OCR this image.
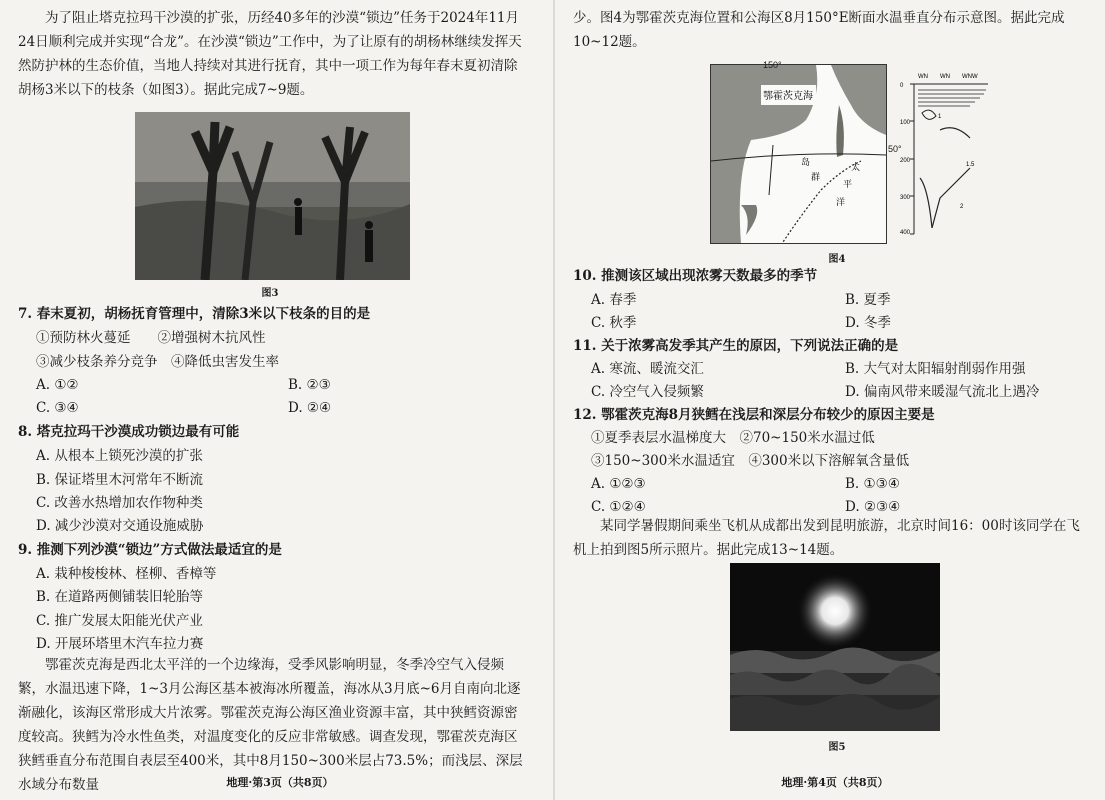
为了阻止塔克拉玛干沙漠的扩张，历经40多年的沙漠“锁边”任务于2024年11月24日顺利完成并实现“合龙”。在沙漠“锁边”工作中，为了让原有的胡杨林继续发挥天然防护林的生态价值，当地人持续对其进行抚育，其中一项工作为每年春末夏初清除胡杨3米以下的枝条（如图3）。据此完成7~9题。

图3

7. 春末夏初，胡杨抚育管理中，清除3米以下枝条的目的是

①预防林火蔓延　　②增强树木抗风性

③减少枝条养分竞争　④降低虫害发生率

A. ①②	B. ②③

C. ③④	D. ②④

8. 塔克拉玛干沙漠成功锁边最有可能

A. 从根本上锁死沙漠的扩张

B. 保证塔里木河常年不断流

C. 改善水热增加农作物种类

D. 减少沙漠对交通设施威胁

9. 推测下列沙漠“锁边”方式做法最适宜的是

A. 栽种梭梭林、柽柳、香樟等

B. 在道路两侧铺装旧轮胎等

C. 推广发展太阳能光伏产业

D. 开展环塔里木汽车拉力赛

鄂霍茨克海是西北太平洋的一个边缘海，受季风影响明显，冬季冷空气入侵频繁，水温迅速下降，1~3月公海区基本被海冰所覆盖，海冰从3月底~6月自南向北逐渐融化，该海区常形成大片浓雾。鄂霍茨克海公海区渔业资源丰富，其中狭鳕资源密度较高。狭鳕为冷水性鱼类，对温度变化的反应非常敏感。调查发现，鄂霍茨克海区狭鳕垂直分布范围自表层至400米，其中8月150~300米层占73.5%；而浅层、深层水域分布数量	地理·第3页（共8页）

少。图4为鄂霍茨克海位置和公海区8月150°E断面水温垂直分布示意图。据此完成10~12题。

鄂霍茨克海
岛
群
太
平
洋
150°
50°
0
100
200
300
400
WN WN WNW
1
2
1.5
图4

10. 推测该区域出现浓雾天数最多的季节

A. 春季	B. 夏季

C. 秋季	D. 冬季

11. 关于浓雾高发季其产生的原因，下列说法正确的是

A. 寒流、暖流交汇	B. 大气对太阳辐射削弱作用强

C. 冷空气入侵频繁	D. 偏南风带来暖湿气流北上遇冷

12. 鄂霍茨克海8月狭鳕在浅层和深层分布较少的原因主要是

①夏季表层水温梯度大　②70~150米水温过低

③150~300米水温适宜　④300米以下溶解氧含量低

A. ①②③	B. ①③④

C. ①②④	D. ②③④

某同学暑假期间乘坐飞机从成都出发到昆明旅游，北京时间16：00时该同学在飞机上拍到图5所示照片。据此完成13~14题。

图5
地理·第4页（共8页）
